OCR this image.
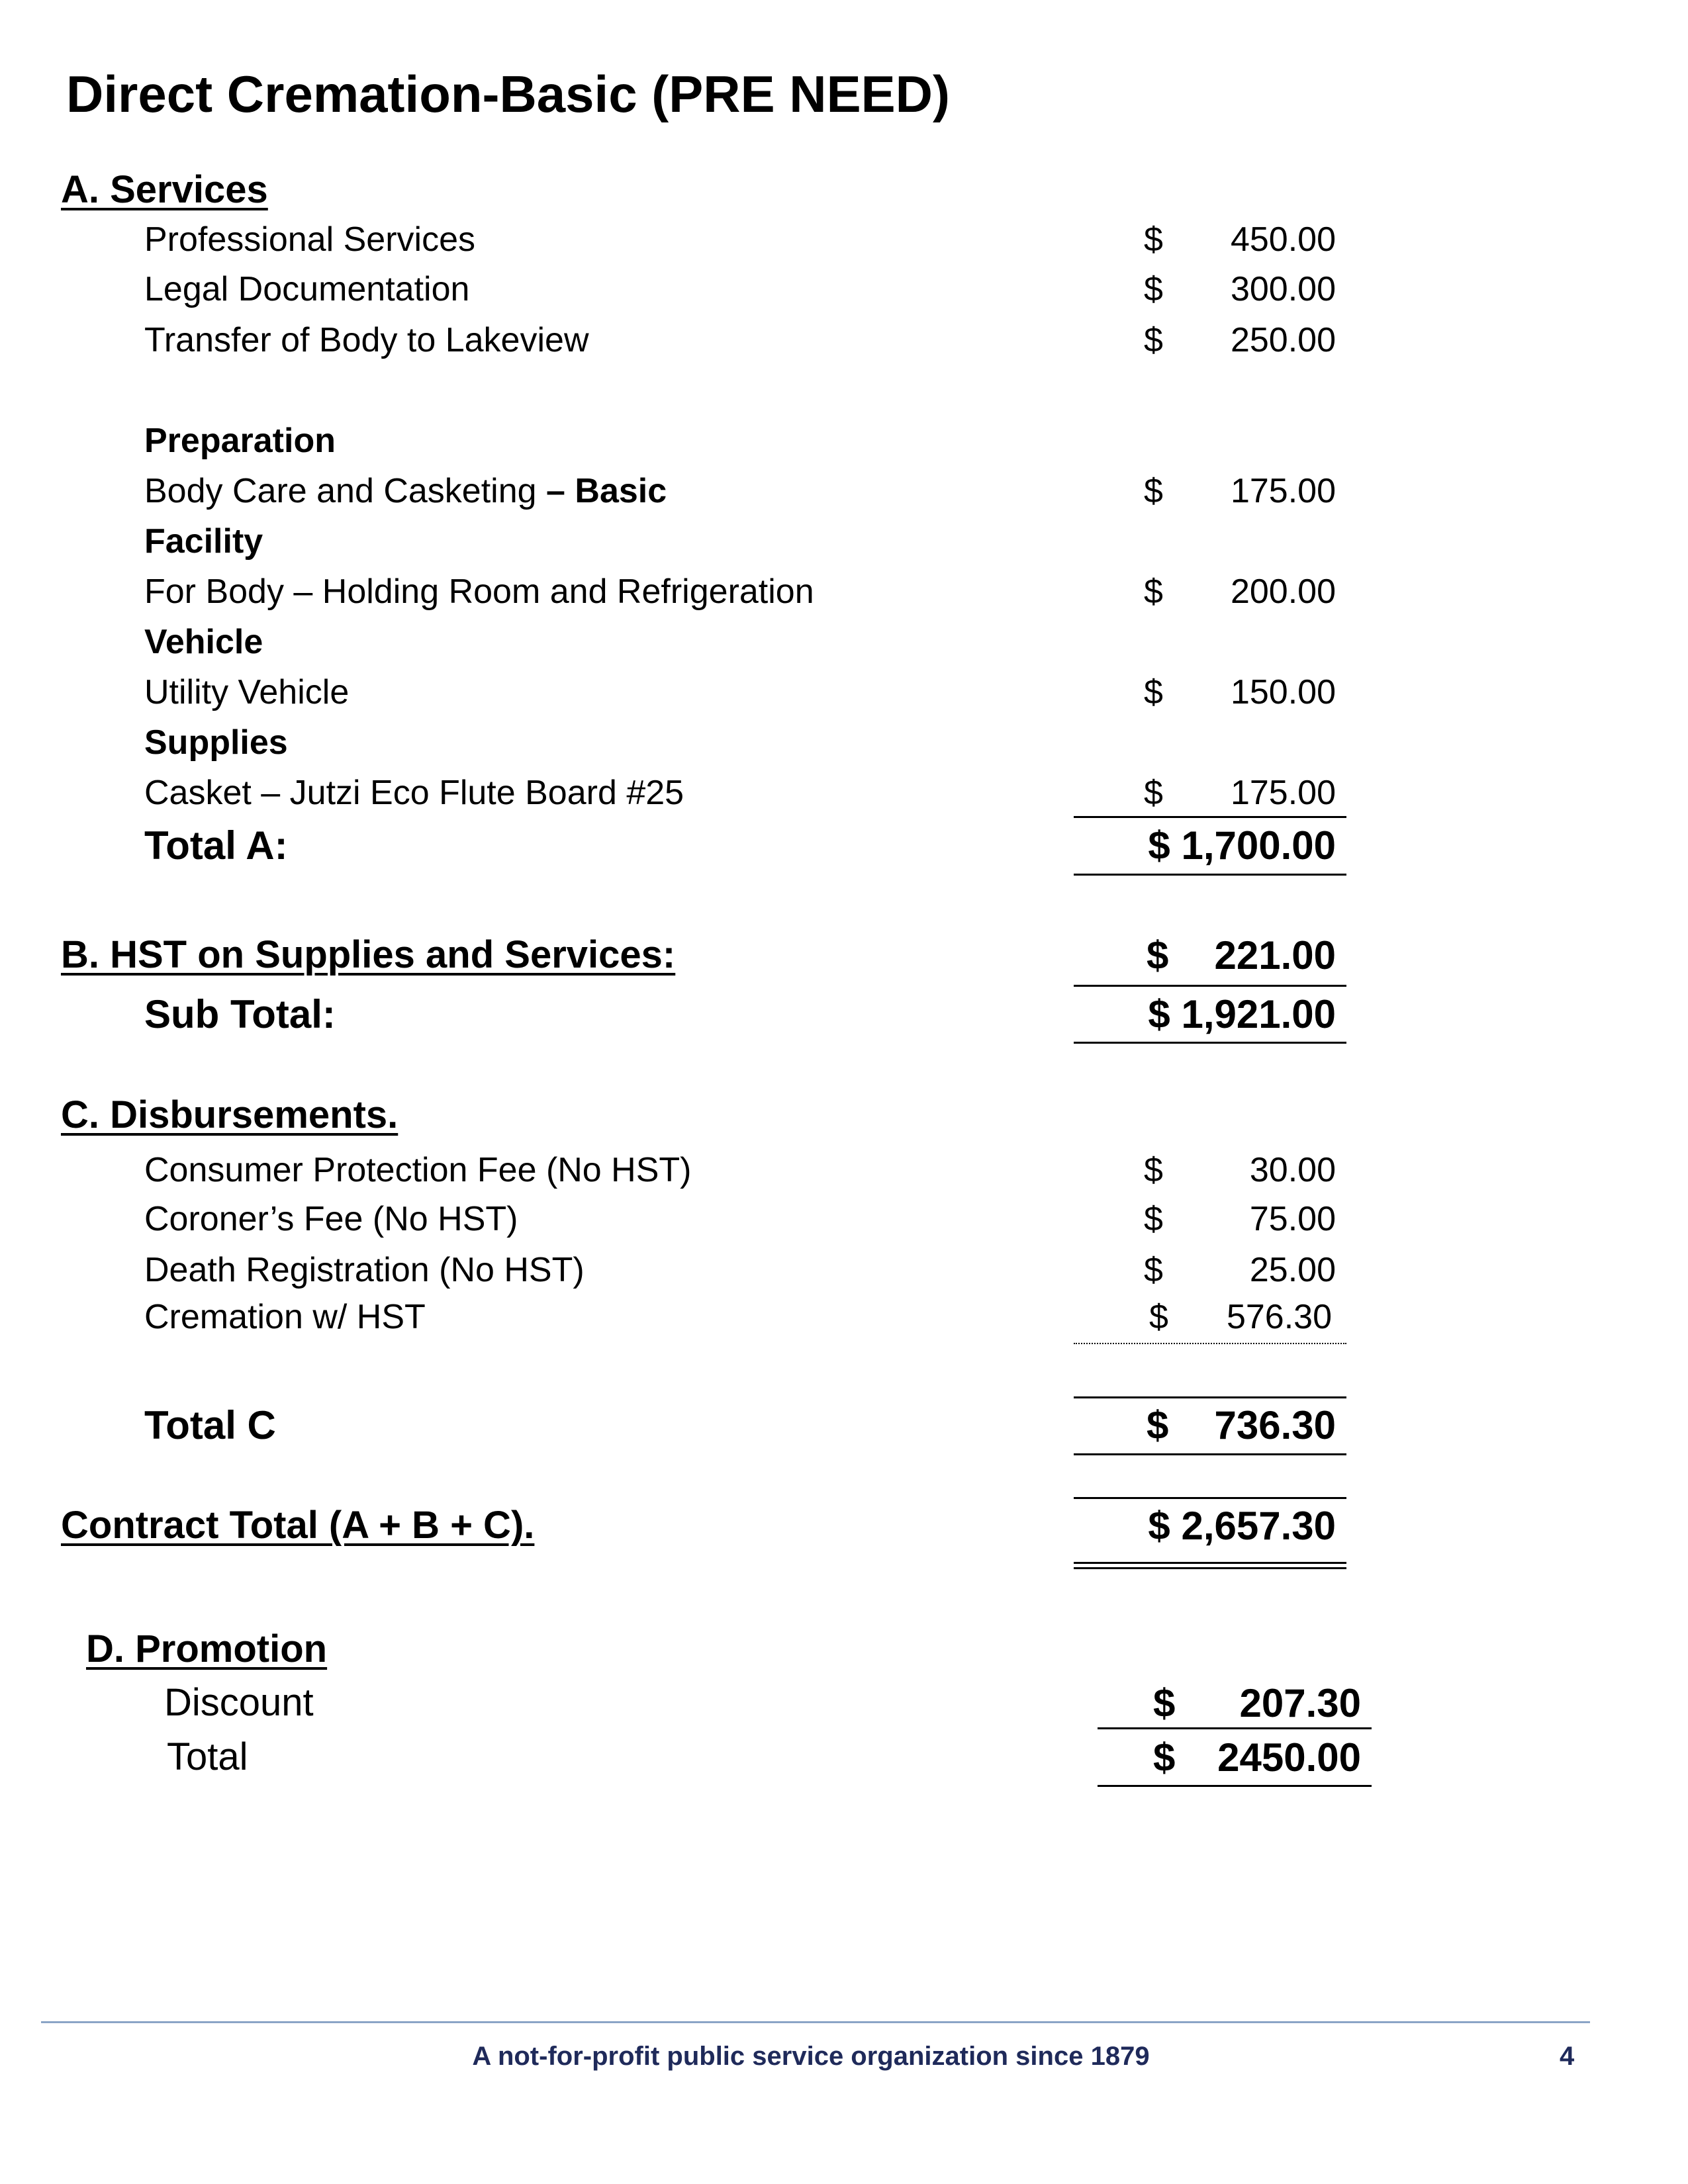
Direct Cremation-Basic (PRE NEED)
A. Services
Professional Services	$	450.00
Legal Documentation	$	300.00
Transfer of Body to Lakeview	$	250.00
Preparation
Body Care and Casketing – Basic	$	175.00
Facility
For Body – Holding Room and Refrigeration	$	200.00
Vehicle
Utility Vehicle	$	150.00
Supplies
Casket – Jutzi Eco Flute Board #25	$	175.00
Total A:	$ 1,700.00
B. HST on Supplies and Services:	$	221.00
Sub Total:	$ 1,921.00
C. Disbursements.
Consumer Protection Fee (No HST)	$	30.00
Coroner’s Fee (No HST)	$	75.00
Death Registration (No HST)	$	25.00
Cremation w/ HST	$	576.30
Total C	$	736.30
Contract Total (A + B + C).	$ 2,657.30
D. Promotion
Discount	$	207.30
Total	$	2450.00
A not-for-profit public service organization since 1879	4
